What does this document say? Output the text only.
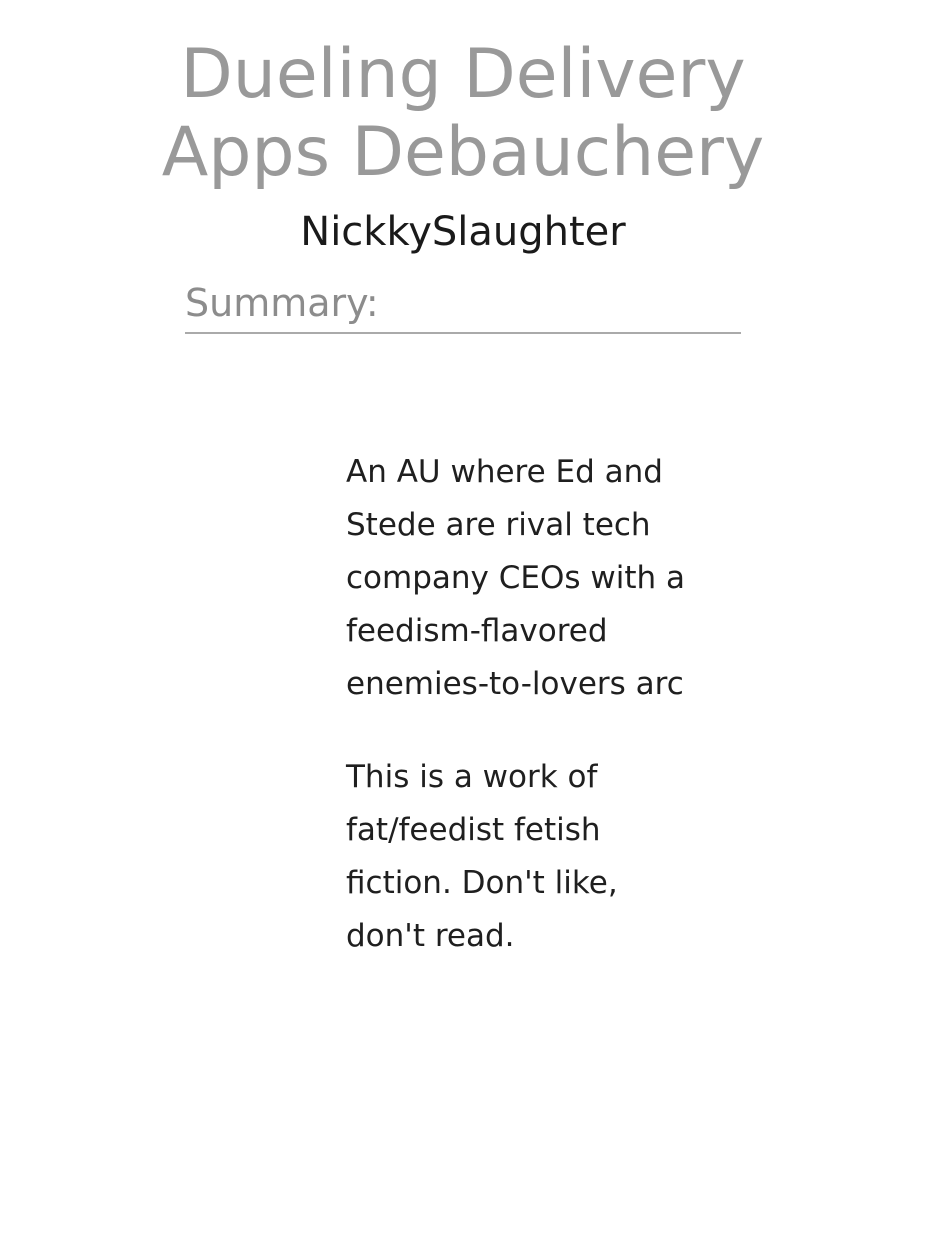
Dueling Delivery Apps Debauchery
NickkySlaughter
Summary:

An AU where Ed and Stede are rival tech company CEOs with a feedism-flavored enemies-to-lovers arc

This is a work of fat/feedist fetish fiction. Don't like, don't read.
